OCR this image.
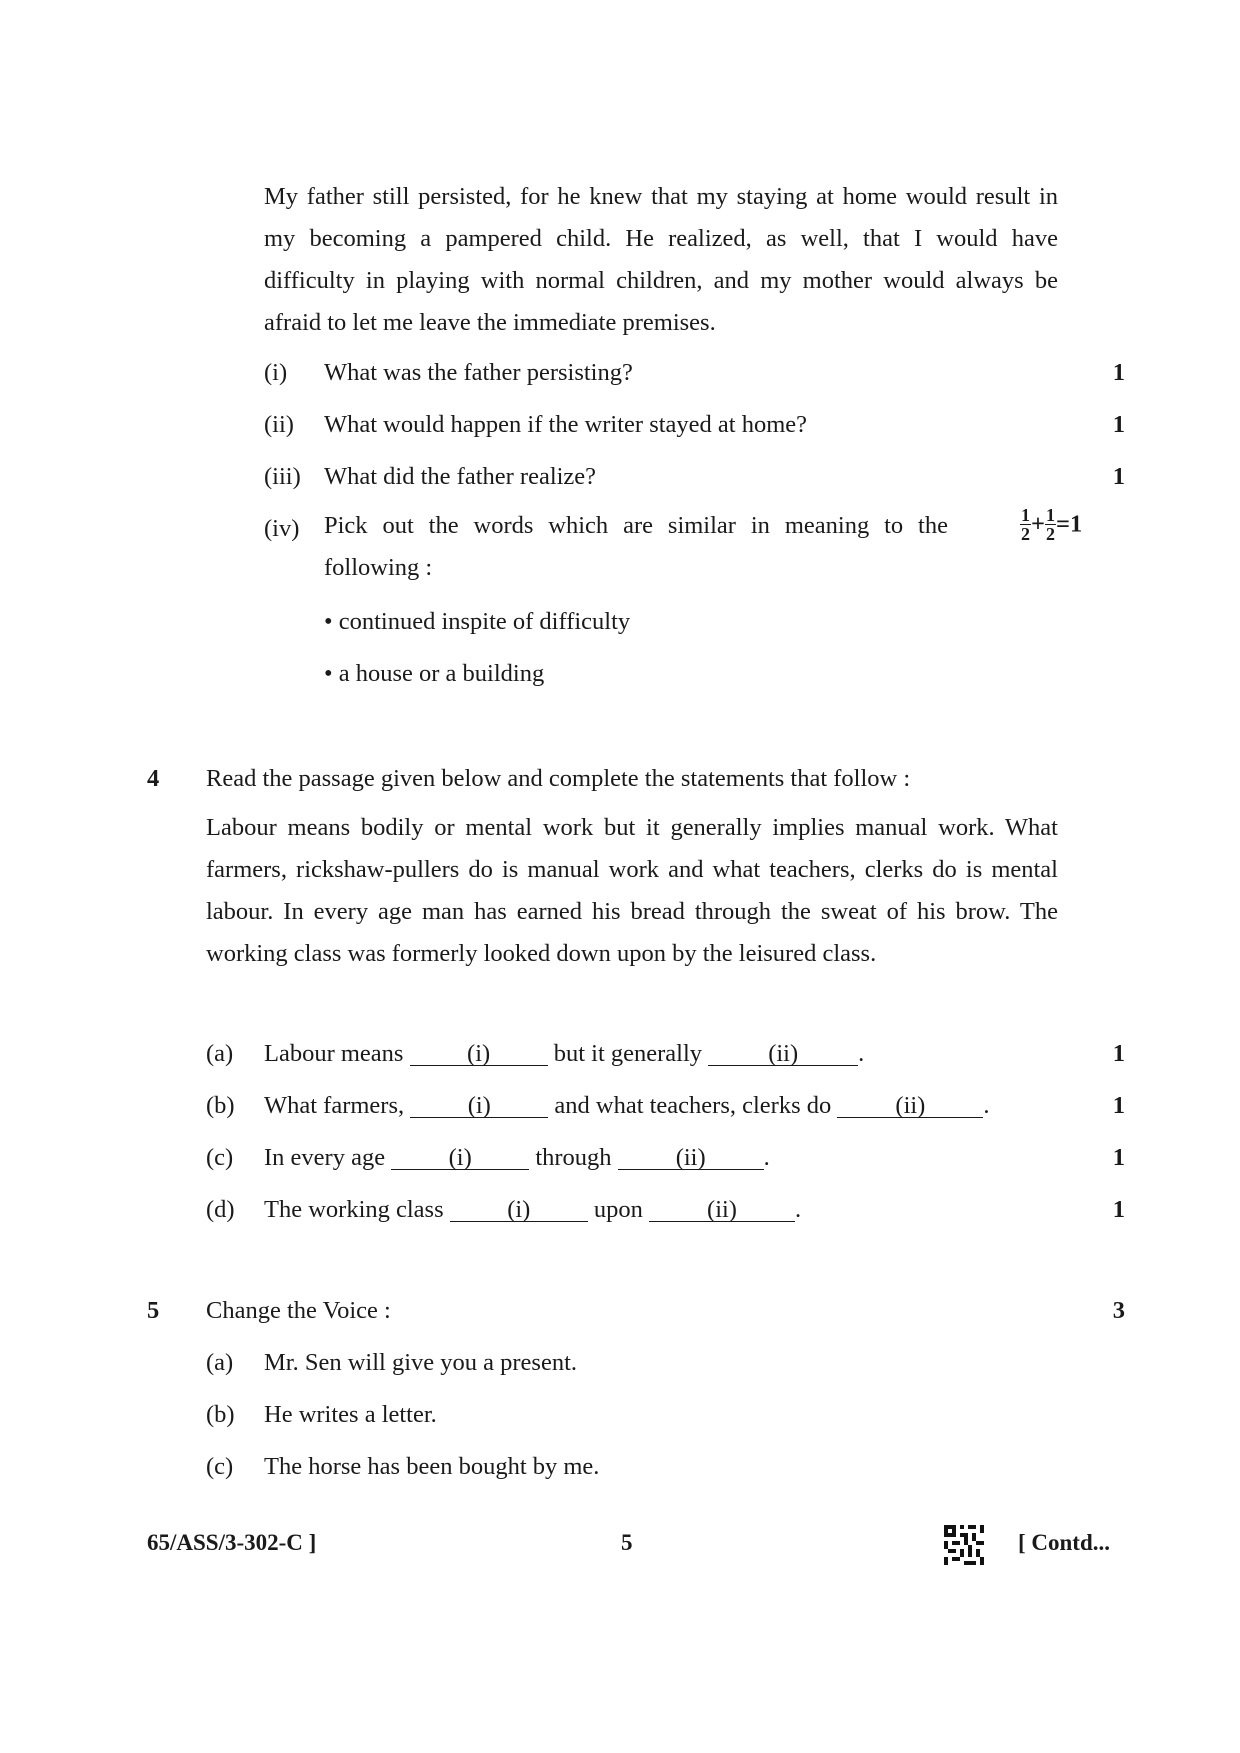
My father still persisted, for he knew that my staying at home would result in my becoming a pampered child. He realized, as well, that I would have difficulty in playing with normal children, and my mother would always be afraid to let me leave the immediate premises.
(i) What was the father persisting?	1
(ii) What would happen if the writer stayed at home?	1
(iii) What did the father realize?	1
(iv) Pick out the words which are similar in meaning to the following :
$\frac{1}{2} + \frac{1}{2} =1$
• continued inspite of difficulty
• a house or a building
4 Read the passage given below and complete the statements that follow :
Labour means bodily or mental work but it generally implies manual work. What farmers, rickshaw-pullers do is manual work and what teachers, clerks do is mental labour. In every age man has earned his bread through the sweat of his brow. The working class was formerly looked down upon by the leisured class.
(a) Labour means	(i)	but it generally	(ii) .	1
(b) What farmers,	(i)	and what teachers, clerks do	(ii) .	1
(c) In every age	(i)	through	(ii) .	1
(d) The working class	(i)	upon	(ii) .	1
5 Change the Voice :	3
(a) Mr. Sen will give you a present.
(b) He writes a letter.
(c) The horse has been bought by me.
65/ASS/3-302-C ]	5	[ Contd...
